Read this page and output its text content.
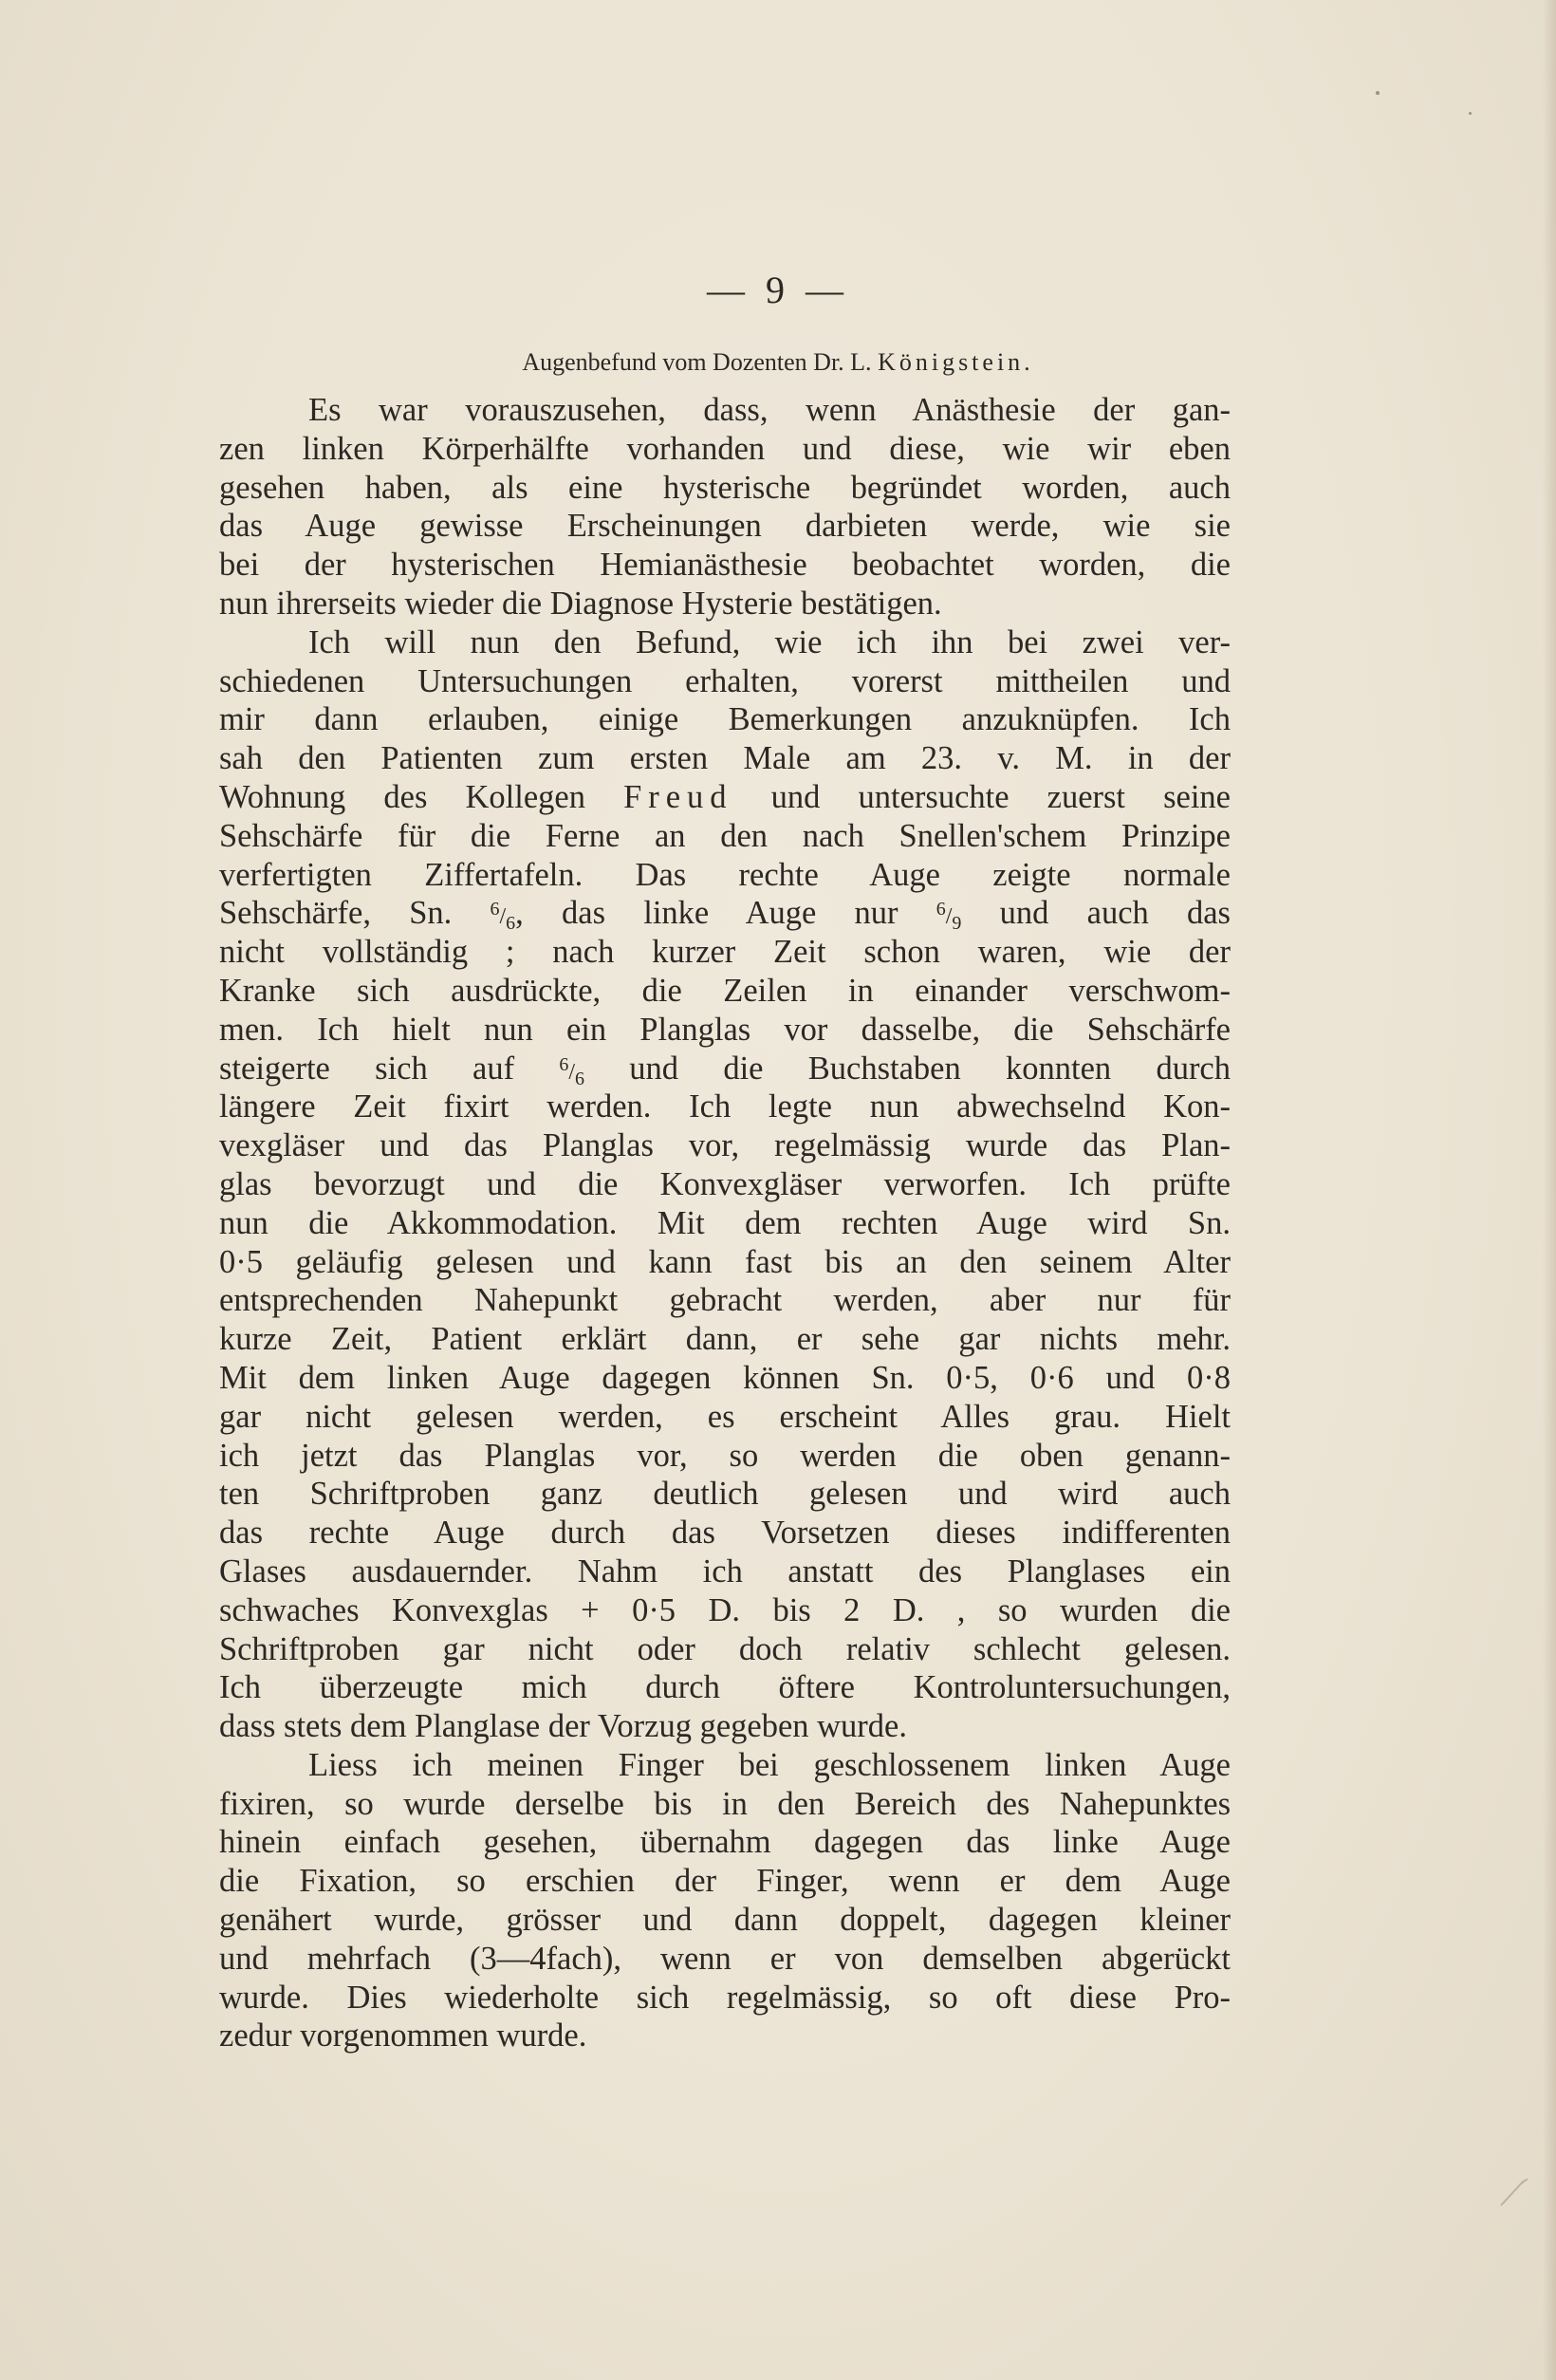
— 9 —
Augenbefund vom Dozenten Dr. L. Königstein.
Es war vorauszusehen, dass, wenn Anästhesie der gan-
zen linken Körperhälfte vorhanden und diese, wie wir eben
gesehen haben, als eine hysterische begründet worden, auch
das Auge gewisse Erscheinungen darbieten werde, wie sie
bei der hysterischen Hemianästhesie beobachtet worden, die
nun ihrerseits wieder die Diagnose Hysterie bestätigen.
Ich will nun den Befund, wie ich ihn bei zwei ver-
schiedenen Untersuchungen erhalten, vorerst mittheilen und
mir dann erlauben, einige Bemerkungen anzuknüpfen. Ich
sah den Patienten zum ersten Male am 23. v. M. in der
Wohnung des Kollegen Freud und untersuchte zuerst seine
Sehschärfe für die Ferne an den nach Snellen'schem Prinzipe
verfertigten Ziffertafeln. Das rechte Auge zeigte normale
Sehschärfe, Sn. $^6/_6$, das linke Auge nur $^6/_9$ und auch das
nicht vollständig ; nach kurzer Zeit schon waren, wie der
Kranke sich ausdrückte, die Zeilen in einander verschwom-
men. Ich hielt nun ein Planglas vor dasselbe, die Sehschärfe
steigerte sich auf $^6/_6$ und die Buchstaben konnten durch
längere Zeit fixirt werden. Ich legte nun abwechselnd Kon-
vexgläser und das Planglas vor, regelmässig wurde das Plan-
glas bevorzugt und die Konvexgläser verworfen. Ich prüfte
nun die Akkommodation. Mit dem rechten Auge wird Sn.
0·5 geläufig gelesen und kann fast bis an den seinem Alter
entsprechenden Nahepunkt gebracht werden, aber nur für
kurze Zeit, Patient erklärt dann, er sehe gar nichts mehr.
Mit dem linken Auge dagegen können Sn. 0·5, 0·6 und 0·8
gar nicht gelesen werden, es erscheint Alles grau. Hielt
ich jetzt das Planglas vor, so werden die oben genann-
ten Schriftproben ganz deutlich gelesen und wird auch
das rechte Auge durch das Vorsetzen dieses indifferenten
Glases ausdauernder. Nahm ich anstatt des Planglases ein
schwaches Konvexglas + 0·5 D. bis 2 D. , so wurden die
Schriftproben gar nicht oder doch relativ schlecht gelesen.
Ich überzeugte mich durch öftere Kontroluntersuchungen,
dass stets dem Planglase der Vorzug gegeben wurde.
Liess ich meinen Finger bei geschlossenem linken Auge
fixiren, so wurde derselbe bis in den Bereich des Nahepunktes
hinein einfach gesehen, übernahm dagegen das linke Auge
die Fixation, so erschien der Finger, wenn er dem Auge
genähert wurde, grösser und dann doppelt, dagegen kleiner
und mehrfach (3—4fach), wenn er von demselben abgerückt
wurde. Dies wiederholte sich regelmässig, so oft diese Pro-
zedur vorgenommen wurde.
